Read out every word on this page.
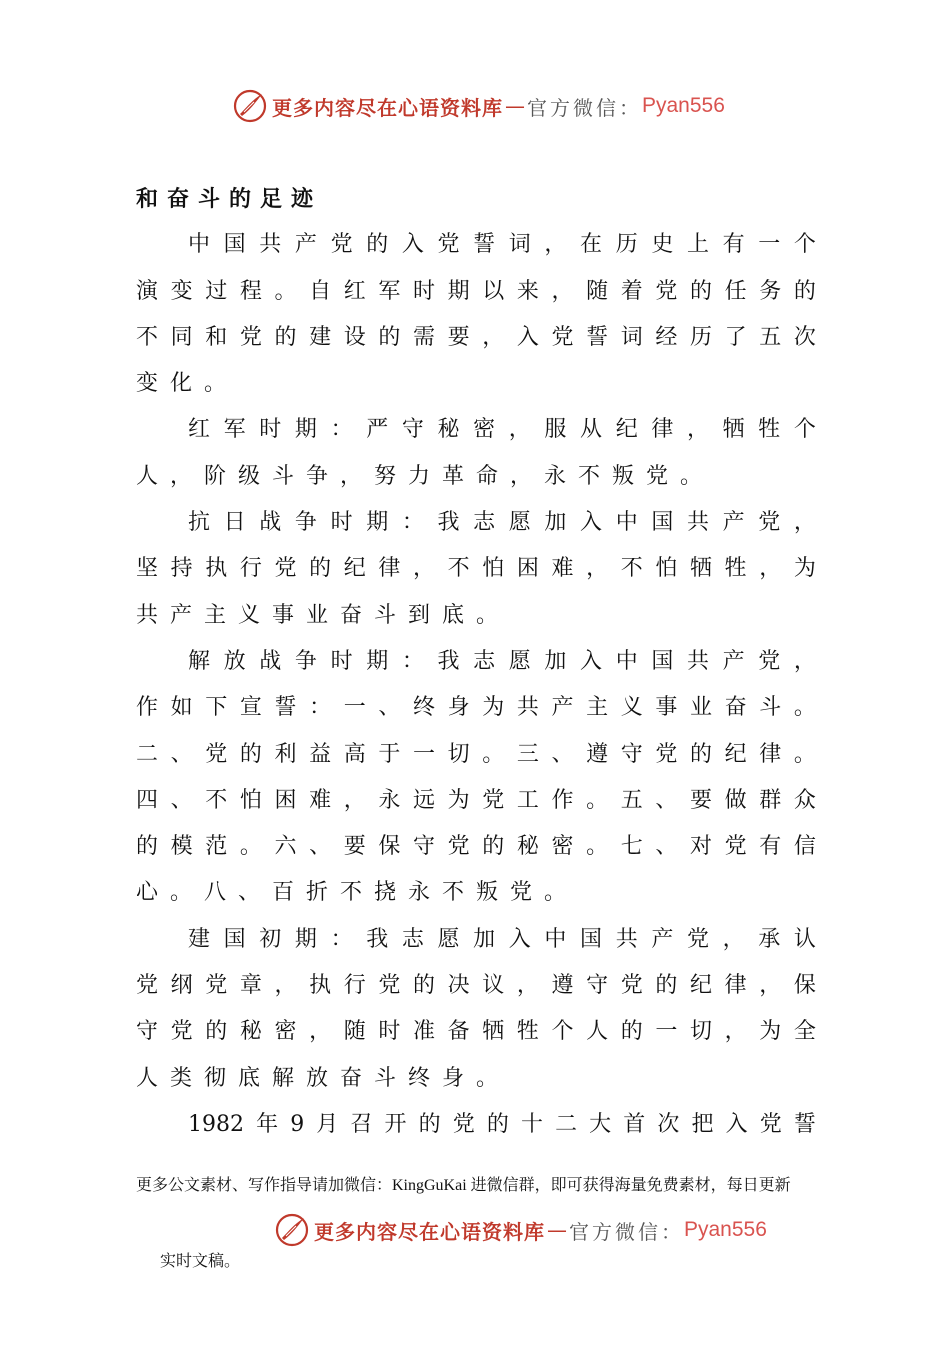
更多内容尽在心语资料库 — 官方微信： Pyan556
和奋斗的足迹
中 国 共 产 党 的 入 党 誓 词 ， 在 历 史 上 有 一 个
演 变 过 程 。 自 红 军 时 期 以 来 ， 随 着 党 的 任 务 的
不 同 和 党 的 建 设 的 需 要 ， 入 党 誓 词 经 历 了 五 次
变化。
红 军 时 期 ： 严 守 秘 密 ， 服 从 纪 律 ， 牺 牲 个
人，阶级斗争，努力革命，永不叛党。
抗 日 战 争 时 期 ： 我 志 愿 加 入 中 国 共 产 党 ，
坚 持 执 行 党 的 纪 律 ， 不 怕 困 难 ， 不 怕 牺 牲 ， 为
共产主义事业奋斗到底。
解 放 战 争 时 期 ： 我 志 愿 加 入 中 国 共 产 党 ，
作 如 下 宣 誓 ： 一 、 终 身 为 共 产 主 义 事 业 奋 斗 。
二 、 党 的 利 益 高 于 一 切 。 三 、 遵 守 党 的 纪 律 。
四 、 不 怕 困 难 ， 永 远 为 党 工 作 。 五 、 要 做 群 众
的 模 范 。 六 、 要 保 守 党 的 秘 密 。 七 、 对 党 有 信
心。八、百折不挠永不叛党。
建 国 初 期 ： 我 志 愿 加 入 中 国 共 产 党 ， 承 认
党 纲 党 章 ， 执 行 党 的 决 议 ， 遵 守 党 的 纪 律 ， 保
守 党 的 秘 密 ， 随 时 准 备 牺 牲 个 人 的 一 切 ， 为 全
人类彻底解放奋斗终身。
1982 年 9 月 召 开 的 党 的 十 二 大 首 次 把 入 党 誓
更多公文素材、写作指导请加微信：KingGuKai 进微信群，即可获得海量免费素材，每日更新
更多内容尽在心语资料库 — 官方微信： Pyan556
实时文稿。
